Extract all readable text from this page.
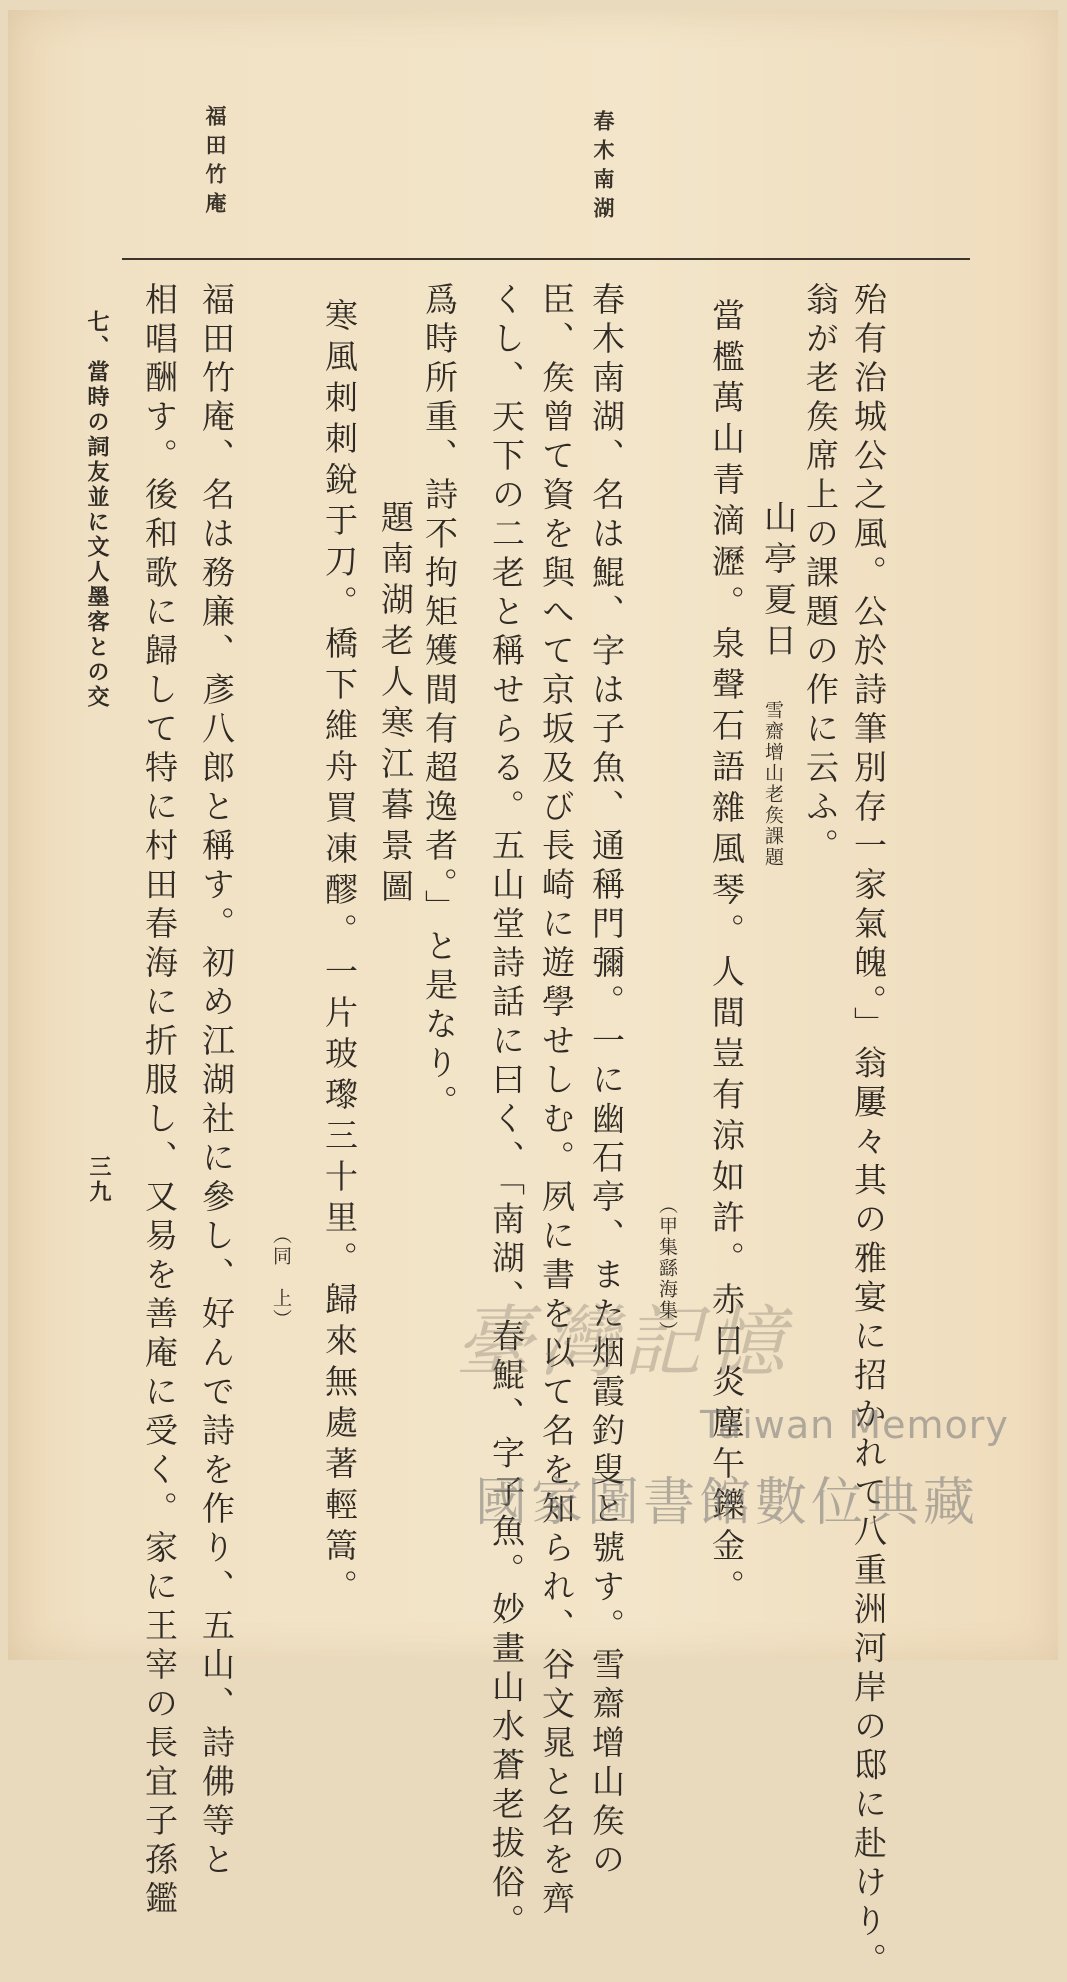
春木南湖
福田竹庵
殆有治城公之風。公於詩筆別存一家氣魄。」翁屢々其の雅宴に招かれて八重洲河岸の邸に赴けり。
翁が老矦席上の課題の作に云ふ。
山亭夏日
雪齋增山老矦課題
當檻萬山青滴瀝。泉聲石語雜風琴。人間豈有涼如許。赤日炎塵午鑠金。
（甲集繇海集）
春木南湖、名は鯤、字は子魚、通稱門彌。一に幽石亭、また烟霞釣叟と號す。雪齋增山矦の
臣、矦曾て資を與へて京坂及び長崎に遊學せしむ。夙に書を以て名を知られ、谷文晁と名を齊
くし、天下の二老と稱せらる。五山堂詩話に曰く、「南湖、春鯤、字子魚。妙畫山水蒼老拔俗。
爲時所重、詩不拘矩矱間有超逸者。」と是なり。
題南湖老人寒江暮景圖
寒風刺刺銳于刀。橋下維舟買凍醪。一片玻瓈三十里。歸來無處著輕篙。
（同　上）
福田竹庵、名は務廉、彥八郎と稱す。初め江湖社に參し、好んで詩を作り、五山、詩佛等と
相唱酬す。後和歌に歸して特に村田春海に折服し、又易を善庵に受く。家に王宰の長宜子孫鑑
七、當時の詞友並に文人墨客との交
三九
臺灣記憶
Taiwan Memory
國家圖書館數位典藏
